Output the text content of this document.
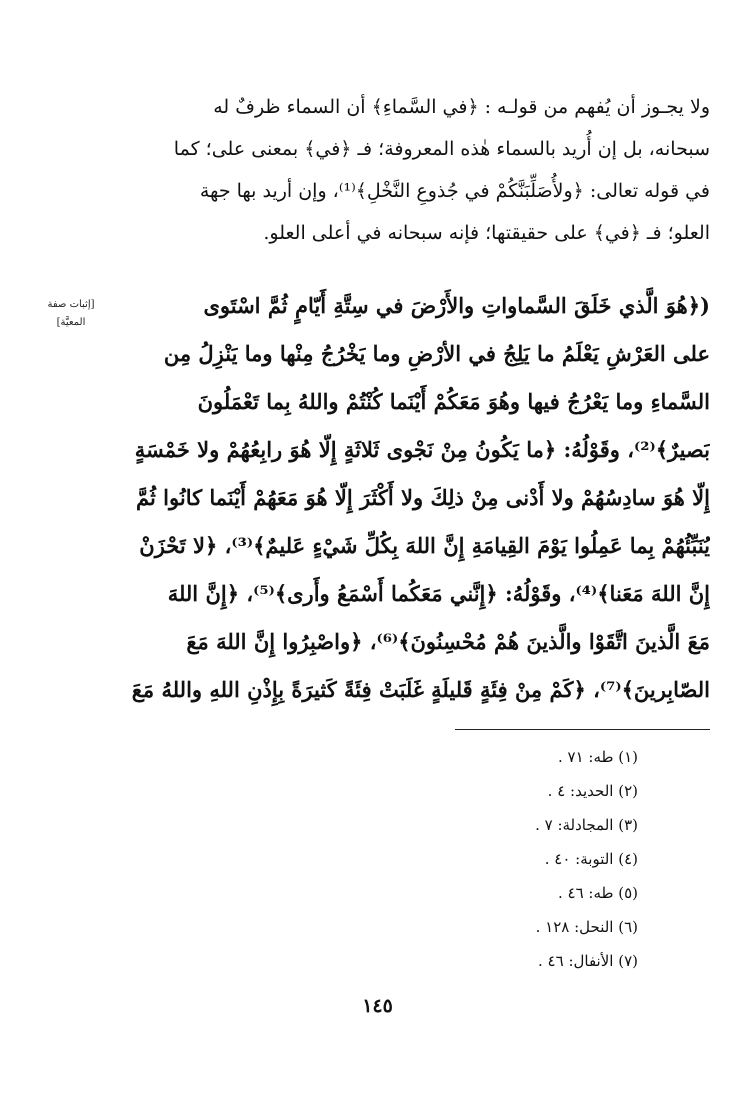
ولا يجـوز أن يُفهم من قولـه : ﴿في السَّماءِ﴾ أن السماء ظرفٌ له

سبحانه، بل إن أُريد بالسماء هٰذه المعروفة؛ فـ ﴿في﴾ بمعنى على؛ كما

في قوله تعالى: ﴿ولأُصَلِّبَنَّكُمْ في جُذوعِ النَّخْلِ﴾⁽¹⁾، وإن أريد بها جهة

العلو؛ فـ ﴿في﴾ على حقيقتها؛ فإنه سبحانه في أعلى العلو.

[إثبات صفة
المعيَّة]

(﴿هُوَ الَّذي خَلَقَ السَّماواتِ والأَرْضَ في سِتَّةِ أَيّامٍ ثُمَّ اسْتَوى

على العَرْشِ يَعْلَمُ ما يَلِجُ في الأرْضِ وما يَخْرُجُ مِنْها وما يَنْزِلُ مِن

السَّماءِ وما يَعْرُجُ فيها وهُوَ مَعَكُمْ أَيْنَما كُنْتُمْ واللهُ بِما تَعْمَلُونَ

بَصيرٌ﴾⁽²⁾، وقَوْلُهُ: ﴿ما يَكُونُ مِنْ نَجْوى ثَلاثَةٍ إِلّا هُوَ رابِعُهُمْ ولا خَمْسَةٍ

إِلّا هُوَ سادِسُهُمْ ولا أَدْنى مِنْ ذلِكَ ولا أَكْثَرَ إِلّا هُوَ مَعَهُمْ أَيْنَما كانُوا ثُمَّ

يُنَبِّئُهُمْ بِما عَمِلُوا يَوْمَ القِيامَةِ إِنَّ اللهَ بِكُلِّ شَيْءٍ عَليمٌ﴾⁽³⁾، ﴿لا تَحْزَنْ

إِنَّ اللهَ مَعَنا﴾⁽⁴⁾، وقَوْلُهُ: ﴿إِنَّني مَعَكُما أَسْمَعُ وأَرى﴾⁽⁵⁾، ﴿إِنَّ اللهَ

مَعَ الَّذينَ اتَّقَوْا والَّذينَ هُمْ مُحْسِنُونَ﴾⁽⁶⁾، ﴿واصْبِرُوا إِنَّ اللهَ مَعَ

الصّابِرينَ﴾⁽⁷⁾، ﴿كَمْ مِنْ فِئَةٍ قَليلَةٍ غَلَبَتْ فِئَةً كَثيرَةً بِإِذْنِ اللهِ واللهُ مَعَ

(١) طه: ٧١ .
(٢) الحديد: ٤ .
(٣) المجادلة: ٧ .
(٤) التوبة: ٤٠ .
(٥) طه: ٤٦ .
(٦) النحل: ١٢٨ .
(٧) الأنفال: ٤٦ .
١٤٥
